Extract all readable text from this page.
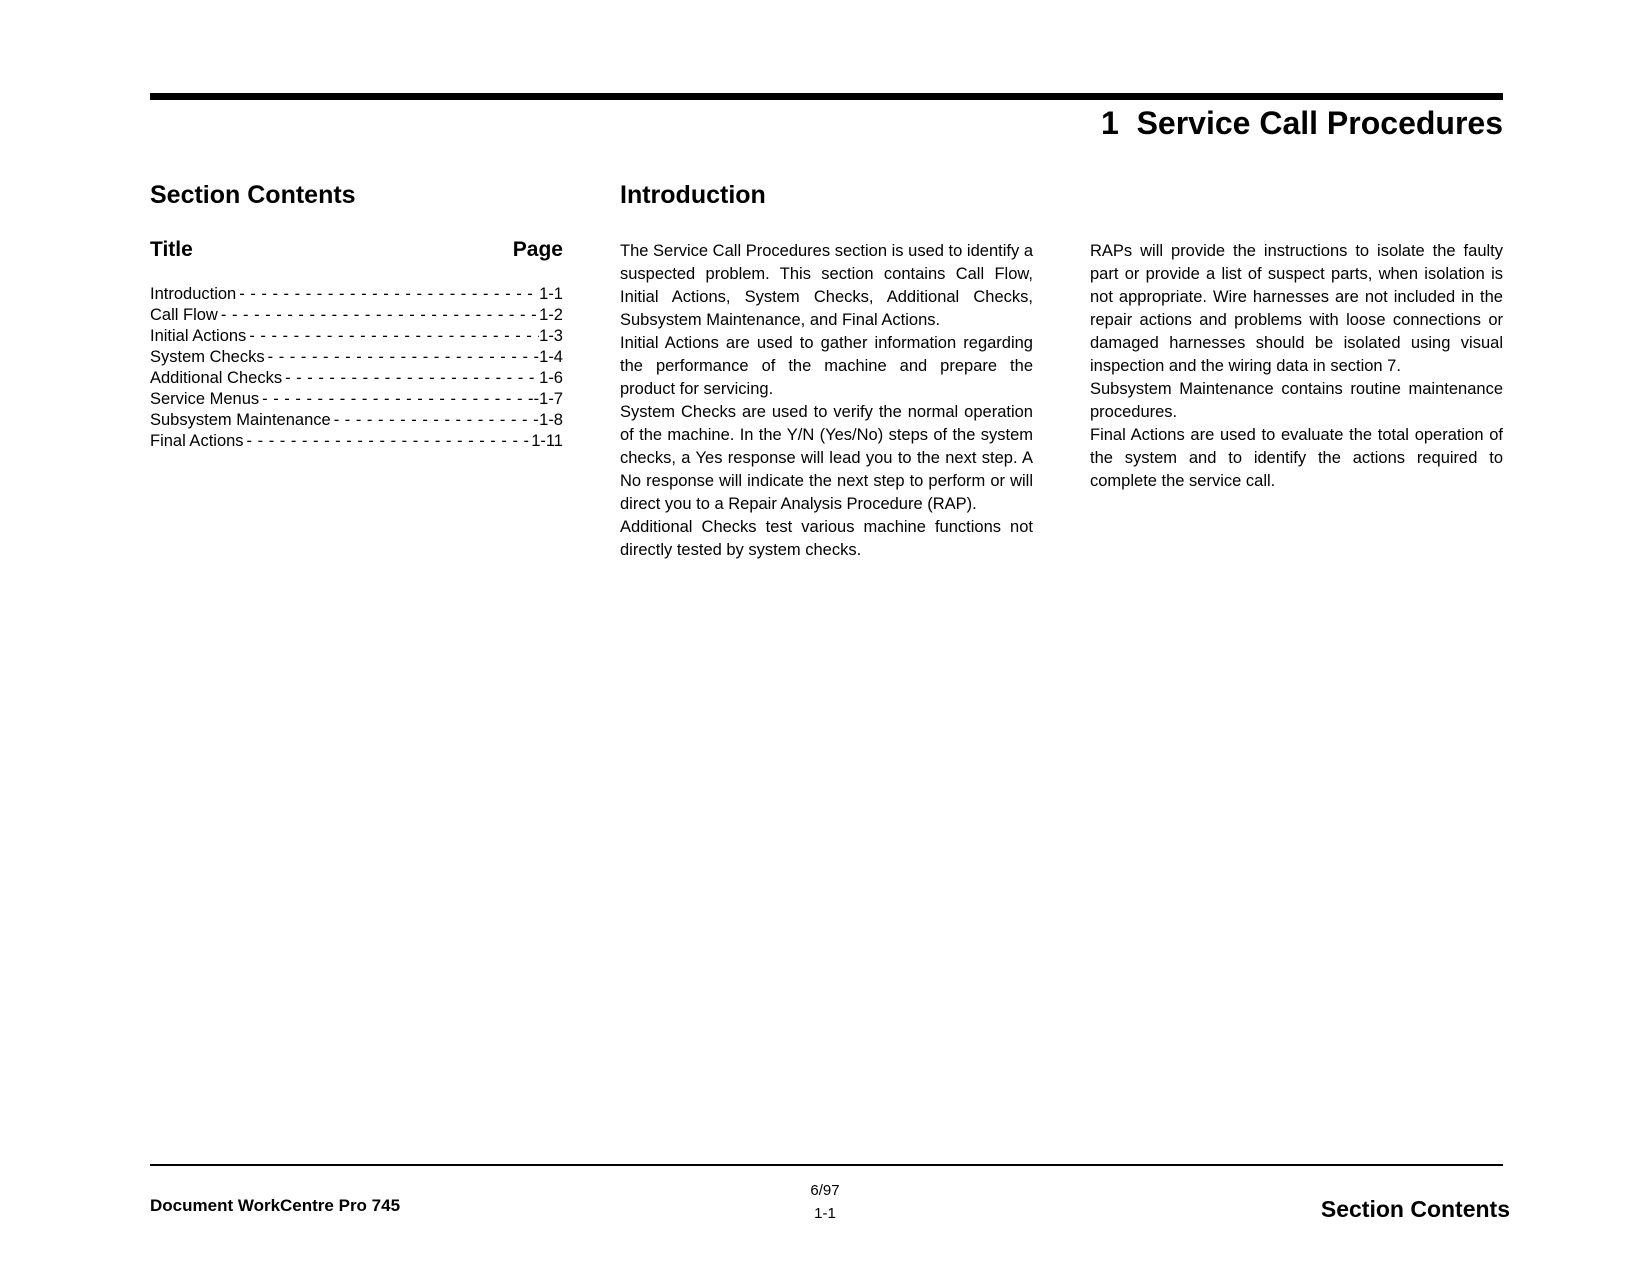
1  Service Call Procedures
Section Contents	Introduction
Title	Page
Introduction - - -	1-1
Call Flow - - -	1-2
Initial Actions - - -	1-3
System Checks - - -	1-4
Additional Checks - - -	1-6
Service Menus - - -	-1-7
Subsystem Maintenance - - -	1-8
Final Actions - - -	1-11

The Service Call Procedures section is used to identify a suspected problem. This section contains Call Flow, Initial Actions, System Checks, Additional Checks, Subsystem Maintenance, and Final Actions.

Initial Actions are used to gather information regarding the performance of the machine and prepare the product for servicing.

System Checks are used to verify the normal operation of the machine. In the Y/N (Yes/No) steps of the system checks, a Yes response will lead you to the next step. A No response will indicate the next step to perform or will direct you to a Repair Analysis Procedure (RAP).

Additional Checks test various machine functions not directly tested by system checks.

RAPs will provide the instructions to isolate the faulty part or provide a list of suspect parts, when isolation is not appropriate. Wire harnesses are not included in the repair actions and problems with loose connections or damaged harnesses should be isolated using visual inspection and the wiring data in section 7.

Subsystem Maintenance contains routine maintenance procedures.

Final Actions are used to evaluate the total operation of the system and to identify the actions required to complete the service call.

Document WorkCentre Pro 745
6/97
1-1	Section Contents
